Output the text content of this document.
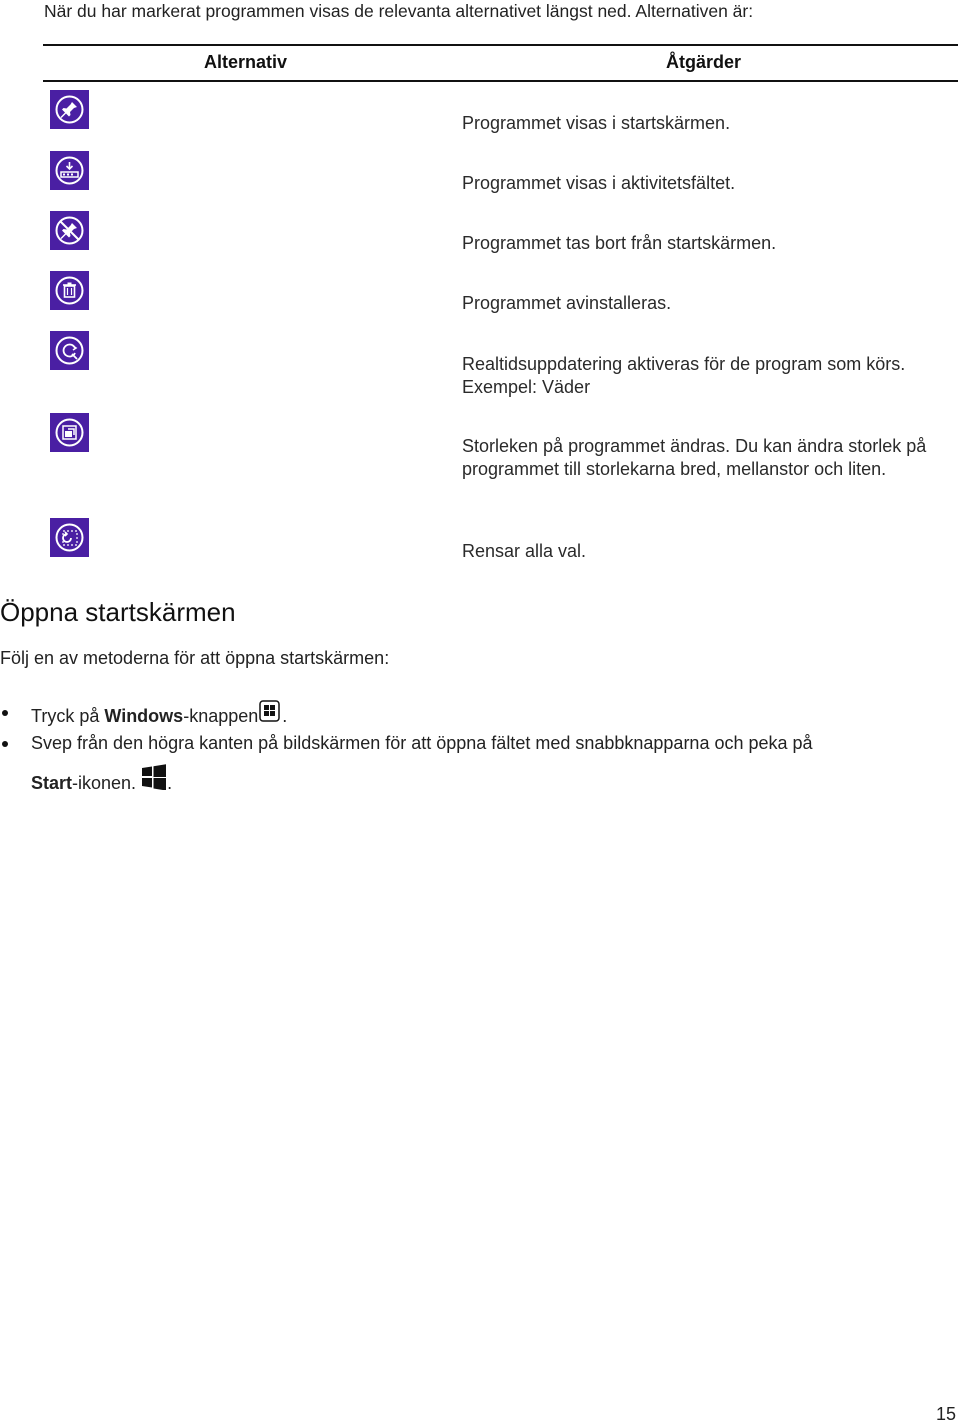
När du har markerat programmen visas de relevanta alternativet längst ned. Alternativen är:
Alternativ	Åtgärder
Programmet visas i startskärmen.
Programmet visas i aktivitetsfältet.
Programmet tas bort från startskärmen.
Programmet avinstalleras.
Realtidsuppdatering aktiveras för de program som körs. Exempel: Väder
Storleken på programmet ändras. Du kan ändra storlek på programmet till storlekarna bred, mellanstor och liten.
Rensar alla val.
Öppna startskärmen
Följ en av metoderna för att öppna startskärmen:
Tryck på Windows-knappen .
Svep från den högra kanten på bildskärmen för att öppna fältet med snabbknapparna och peka på
Start-ikonen. .
15
